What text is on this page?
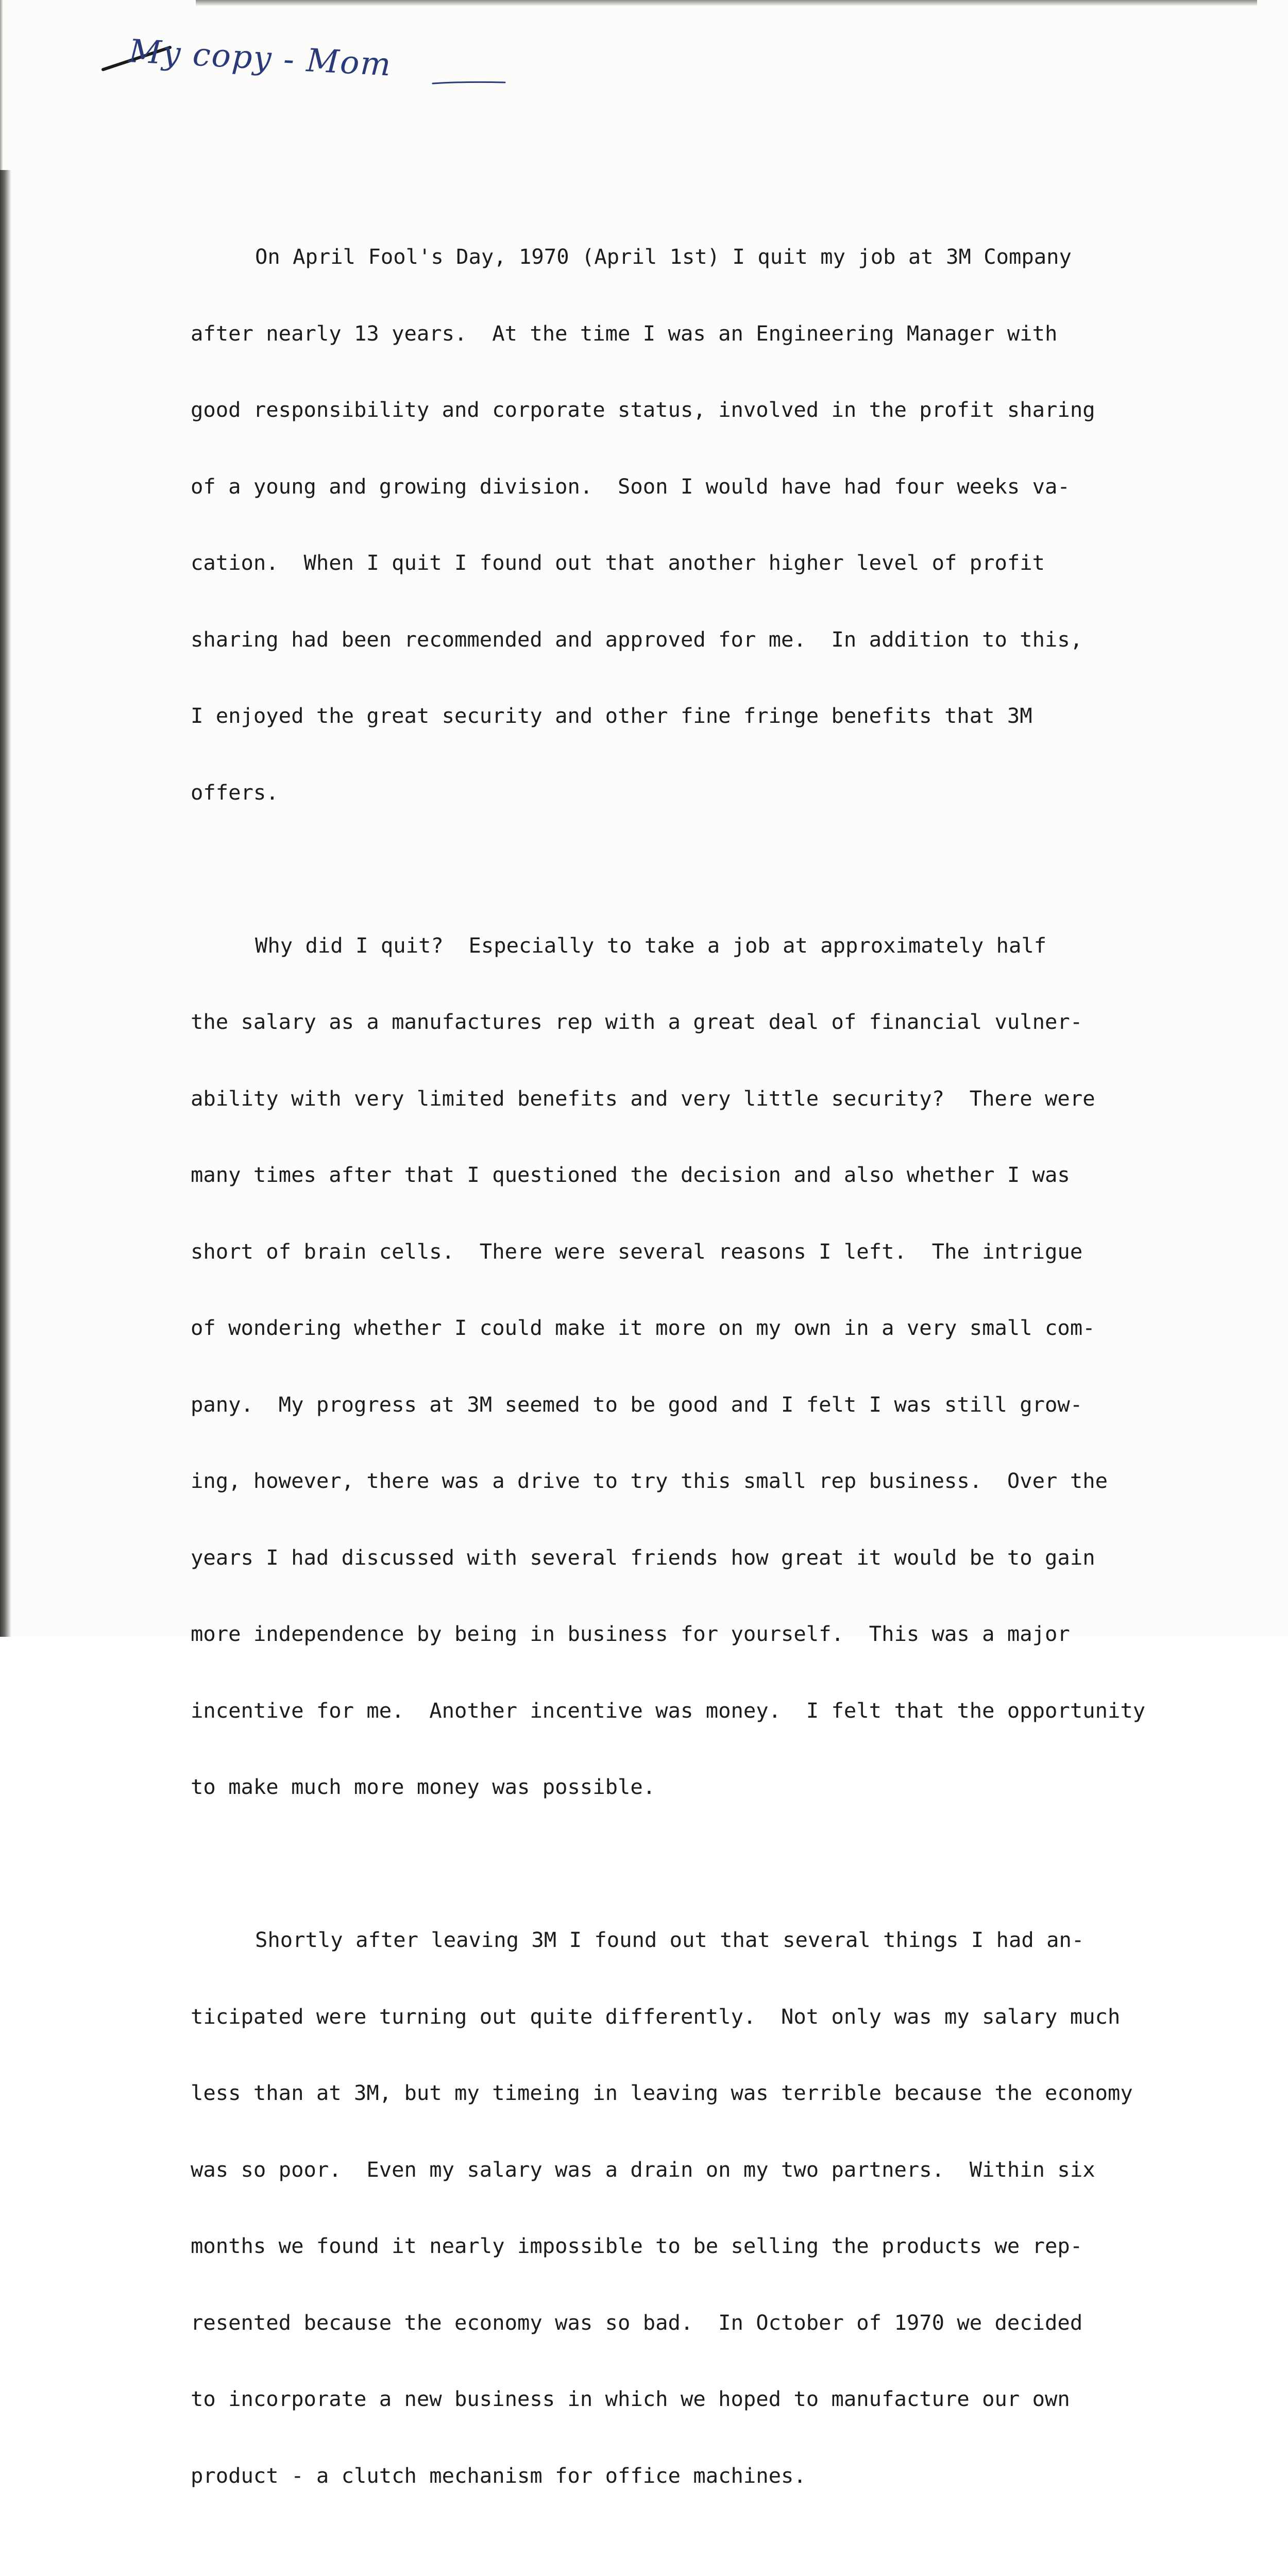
My copy - Mom

On April Fool's Day, 1970 (April 1st) I quit my job at 3M Company

after nearly 13 years.  At the time I was an Engineering Manager with

good responsibility and corporate status, involved in the profit sharing

of a young and growing division.  Soon I would have had four weeks va-

cation.  When I quit I found out that another higher level of profit

sharing had been recommended and approved for me.  In addition to this,

I enjoyed the great security and other fine fringe benefits that 3M

offers.

Why did I quit?  Especially to take a job at approximately half

the salary as a manufactures rep with a great deal of financial vulner-

ability with very limited benefits and very little security?  There were

many times after that I questioned the decision and also whether I was

short of brain cells.  There were several reasons I left.  The intrigue

of wondering whether I could make it more on my own in a very small com-

pany.  My progress at 3M seemed to be good and I felt I was still grow-

ing, however, there was a drive to try this small rep business.  Over the

years I had discussed with several friends how great it would be to gain

more independence by being in business for yourself.  This was a major

incentive for me.  Another incentive was money.  I felt that the opportunity

to make much more money was possible.

Shortly after leaving 3M I found out that several things I had an-

ticipated were turning out quite differently.  Not only was my salary much

less than at 3M, but my timeing in leaving was terrible because the economy

was so poor.  Even my salary was a drain on my two partners.  Within six

months we found it nearly impossible to be selling the products we rep-

resented because the economy was so bad.  In October of 1970 we decided

to incorporate a new business in which we hoped to manufacture our own

product - a clutch mechanism for office machines.
